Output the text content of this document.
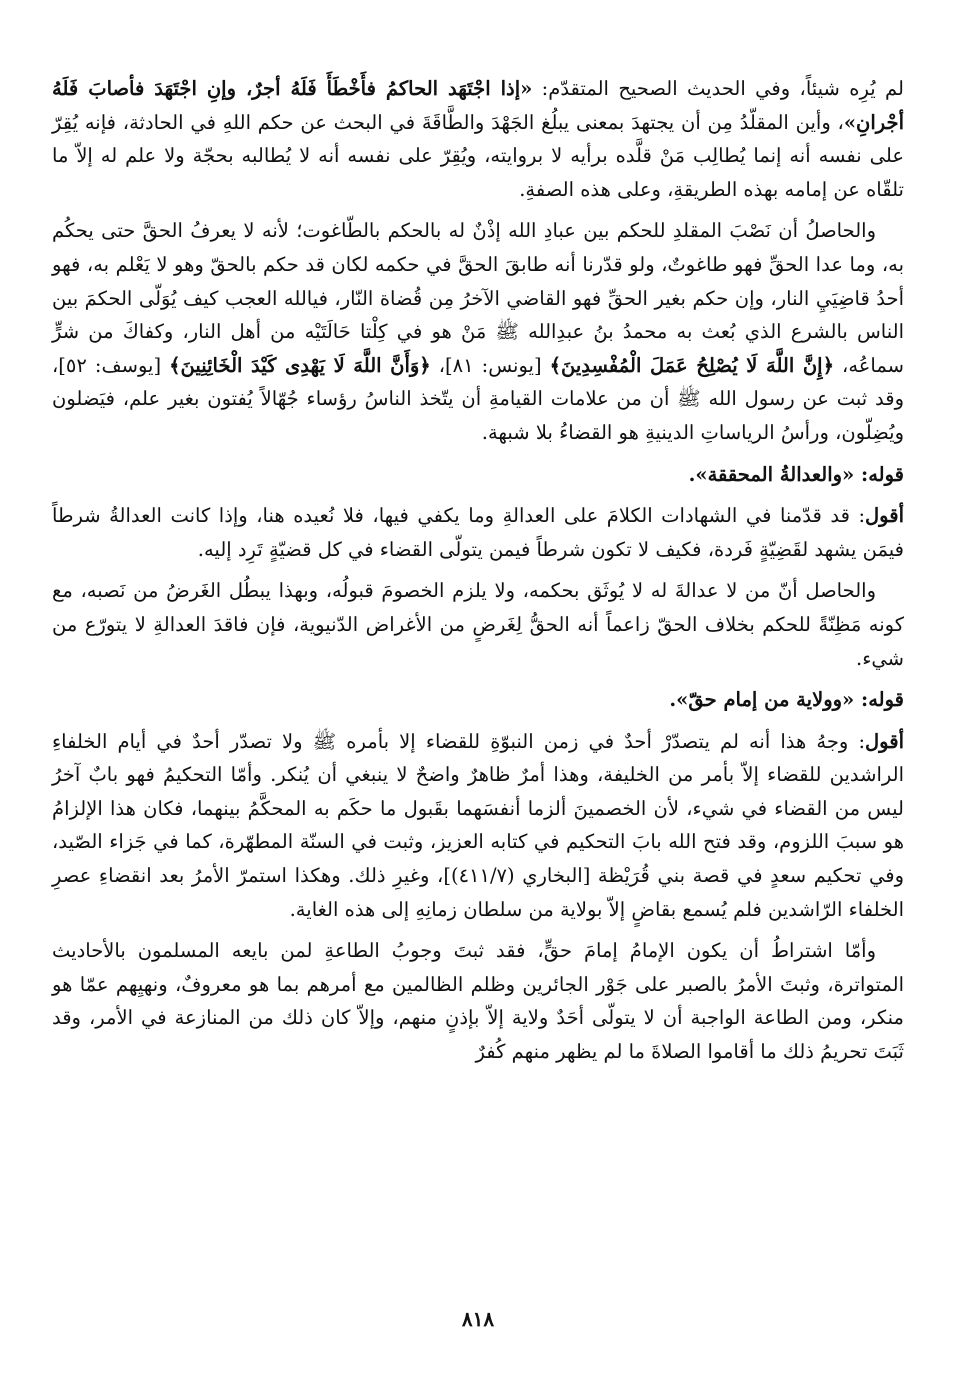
لم يُرِه شيئاً، وفي الحديث الصحيح المتقدّم: «إذا اجْتَهَد الحاكمُ فأَخْطَأَ فَلَهُ أجرٌ، وإنِ اجْتَهَدَ فأصابَ فَلَهُ أجْرانِ»، وأين المقلّدُ مِن أن يجتهدَ بمعنى يبلُغ الجَهْدَ والطَّاقَةَ في البحث عن حكم اللهِ في الحادثة، فإنه يُقِرّ على نفسه أنه إنما يُطالِب مَنْ قلَّده برأيه لا بروايته، ويُقِرّ على نفسه أنه لا يُطالبه بحجّة ولا علم له إلاّ ما تلقّاه عن إمامه بهذه الطريقةِ، وعلى هذه الصفةِ.

والحاصلُ أن نَصْبَ المقلدِ للحكم بين عبادِ الله إذْنٌ له بالحكم بالطّاغوت؛ لأنه لا يعرفُ الحقَّ حتى يحكُم به، وما عدا الحقِّ فهو طاغوتٌ، ولو قدّرنا أنه طابقَ الحقَّ في حكمه لكان قد حكم بالحقّ وهو لا يَعْلم به، فهو أحدُ قاضِيَيِ النار، وإن حكم بغير الحقِّ فهو القاضي الآخرُ مِن قُضاة النّار، فيالله العجب كيف يُوَلّى الحكمَ بين الناس بالشرع الذي بُعث به محمدُ بنُ عبدِالله ﷺ مَنْ هو في كِلْتا حَالَتَيْه من أهل النار، وكفاكَ من شرٍّ سماعُه، ﴿إِنَّ اللَّهَ لَا يُصْلِحُ عَمَلَ الْمُفْسِدِينَ﴾ [يونس: ٨١]، ﴿وَأَنَّ اللَّهَ لَا يَهْدِى كَيْدَ الْخَائِنِينَ﴾ [يوسف: ٥٢]، وقد ثبت عن رسول الله ﷺ أن من علامات القيامةِ أن يتّخذ الناسُ رؤساء جُهّالاً يُفتون بغير علم، فيَضلون ويُضِلّون، ورأسُ الرياساتِ الدينيةِ هو القضاءُ بلا شبهة.

قوله: «والعدالةُ المحققة».

أقول: قد قدّمنا في الشهادات الكلامَ على العدالةِ وما يكفي فيها، فلا نُعيده هنا، وإذا كانت العدالةُ شرطاً فيمَن يشهد لقَضِيّةٍ فَردة، فكيف لا تكون شرطاً فيمن يتولّى القضاء في كل قضيّةٍ تَرِد إليه.

والحاصل أنّ من لا عدالةَ له لا يُوثَق بحكمه، ولا يلزم الخصومَ قبولُه، وبهذا يبطُل الغَرضُ من نَصبه، مع كونه مَظِنّةً للحكم بخلاف الحقّ زاعماً أنه الحقُّ لِغَرضٍ من الأغراض الدّنيوية، فإن فاقدَ العدالةِ لا يتورّع من شيء.

قوله: «وولاية من إمام حقّ».

أقول: وجهُ هذا أنه لم يتصدّرْ أحدٌ في زمن النبوّةِ للقضاء إلا بأمره ﷺ ولا تصدّر أحدٌ في أيام الخلفاءِ الراشدين للقضاء إلاّ بأمر من الخليفة، وهذا أمرٌ ظاهرٌ واضحٌ لا ينبغي أن يُنكر. وأمّا التحكيمُ فهو بابٌ آخرُ ليس من القضاء في شيء، لأن الخصمينَ ألزما أنفسَهما بقَبول ما حكَم به المحكَّمُ بينهما، فكان هذا الإلزامُ هو سببَ اللزوم، وقد فتح الله بابَ التحكيم في كتابه العزيز، وثبت في السنّة المطهّرة، كما في جَزاء الصّيد، وفي تحكيم سعدٍ في قصة بني قُرَيْظة [البخاري (٤١١/٧)]، وغيرِ ذلك. وهكذا استمرّ الأمرُ بعد انقضاءِ عصرِ الخلفاء الرّاشدين فلم يُسمع بقاضٍ إلاّ بولاية من سلطان زمانِهِ إلى هذه الغاية.

وأمّا اشتراطُ أن يكون الإمامُ إمامَ حقٍّ، فقد ثبتَ وجوبُ الطاعةِ لمن بايعه المسلمون بالأحاديث المتواترة، وثبتَ الأمرُ بالصبر على جَوْر الجائرين وظلم الظالمين مع أمرهم بما هو معروفٌ، ونهيِهم عمّا هو منكر، ومن الطاعة الواجبة أن لا يتولّى أحَدٌ ولاية إلاّ بإذنٍ منهم، وإلاّ كان ذلك من المنازعة في الأمر، وقد ثَبَتَ تحريمُ ذلك ما أقاموا الصلاةَ ما لم يظهر منهم كُفرٌ

٨١٨
